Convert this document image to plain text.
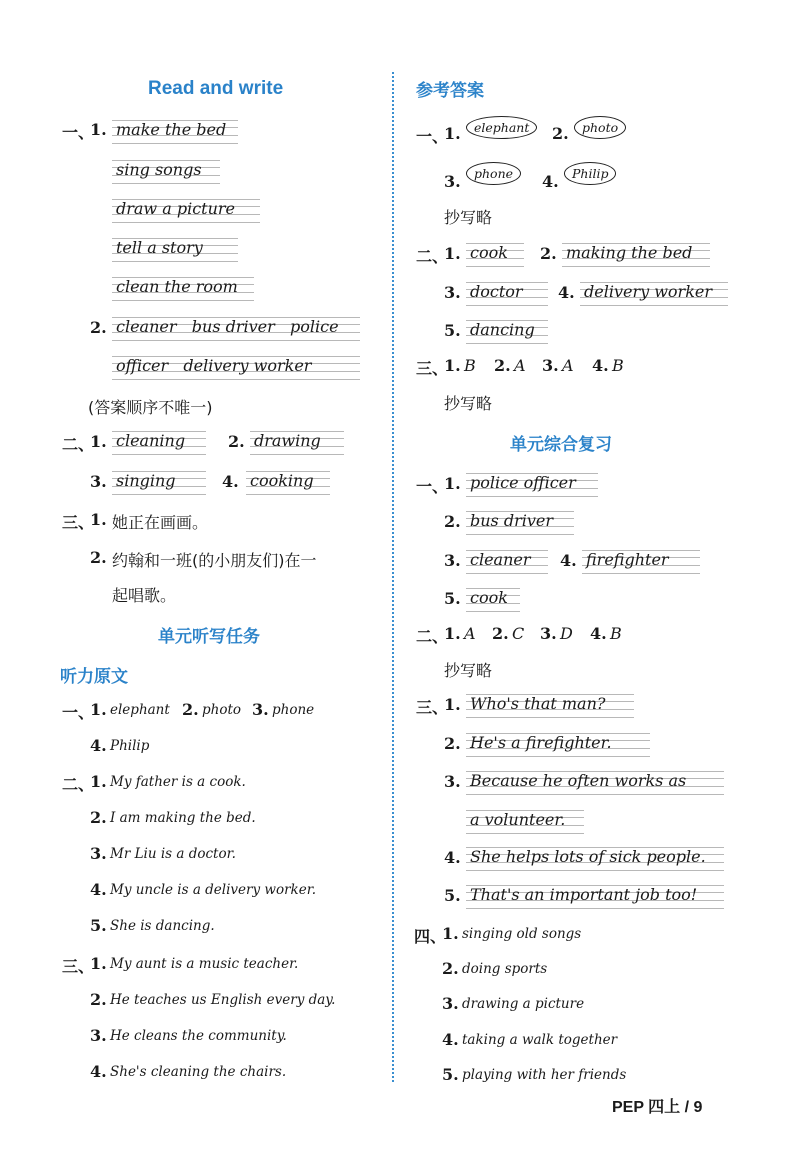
Read and write
一、
1. make the bed
sing songs
draw a picture
tell a story
clean the room
2. cleaner   bus driver   police
officer   delivery worker
(答案顺序不唯一)
二、
1. cleaning	2. drawing
3. singing	4. cooking
三、
1. 她正在画画。
2. 约翰和一班(的小朋友们)在一
起唱歌。
单元听写任务
听力原文
一、
1. elephant 2. photo 3. phone
4. Philip
二、
1. My father is a cook.
2. I am making the bed.
3. Mr Liu is a doctor.
4. My uncle is a delivery worker.
5. She is dancing.
三、
1. My aunt is a music teacher.
2. He teaches us English every day.
3. He cleans the community.
4. She's cleaning the chairs.
参考答案
一、
1.	elephant	2.	photo
3.	phone	4.	Philip
抄写略
二、
1. cook	2. making the bed
3. doctor	4. delivery worker
5. dancing
三、
1. B 2. A 3. A 4. B
抄写略
单元综合复习
一、
1. police officer
2. bus driver
3. cleaner	4. firefighter
5. cook
二、
1. A 2. C 3. D 4. B
抄写略
三、
1. Who's that man?
2. He's a firefighter.
3. Because he often works as
a volunteer.
4. She helps lots of sick people.
5. That's an important job too!
四、
1. singing old songs
2. doing sports
3. drawing a picture
4. taking a walk together
5. playing with her friends
PEP 四上 / 9
